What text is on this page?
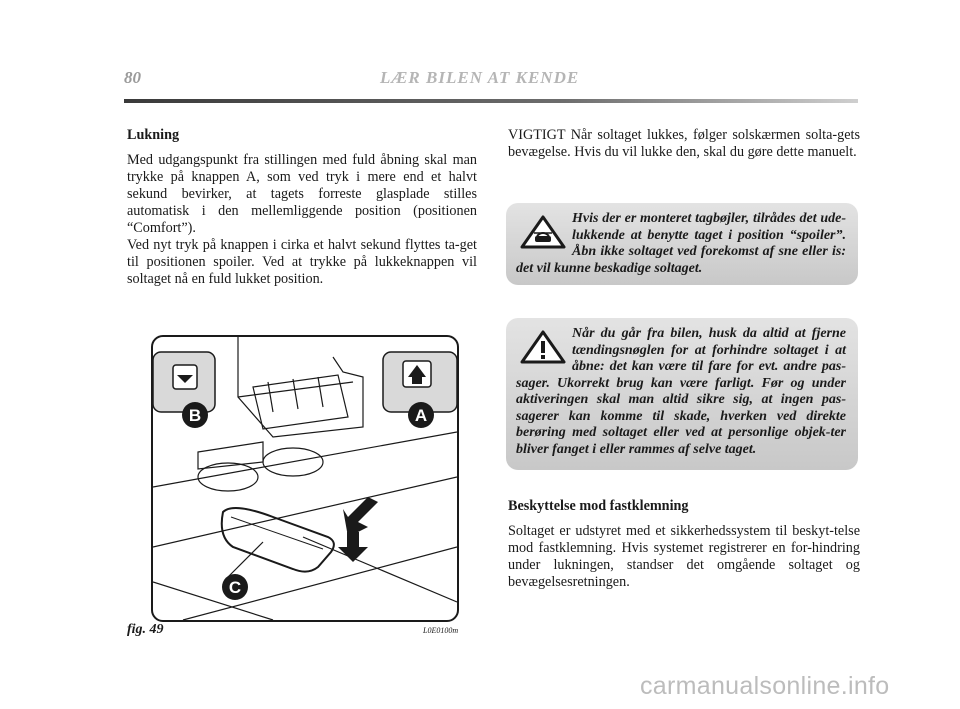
80	LÆR BILEN AT KENDE

Lukning

Med udgangspunkt fra stillingen med fuld åbning skal man trykke på knappen A, som ved tryk i mere end et halvt sekund bevirker, at tagets forreste glasplade stilles automatisk i den mellemliggende position (positionen “Comfort”).

Ved nyt tryk på knappen i cirka et halvt sekund flyttes ta-get til positionen spoiler. Ved at trykke på lukkeknappen vil soltaget nå en fuld lukket position.

VIGTIGT Når soltaget lukkes, følger solskærmen solta-gets bevægelse. Hvis du vil lukke den, skal du gøre dette manuelt.

Hvis der er monteret tagbøjler, tilrådes det ude-lukkende at benytte taget i position “spoiler”. Åbn ikke soltaget ved forekomst af sne eller is: det vil kunne beskadige soltaget.
Når du går fra bilen, husk da altid at fjerne tændingsnøglen for at forhindre soltaget i at åbne: det kan være til fare for evt. andre pas-sager. Ukorrekt brug kan være farligt. Før og under aktiveringen skal man altid sikre sig, at ingen pas-sagerer kan komme til skade, hverken ved direkte berøring med soltaget eller ved at personlige objek-ter bliver fanget i eller rammes af selve taget.

Beskyttelse mod fastklemning

Soltaget er udstyret med et sikkerhedssystem til beskyt-telse mod fastklemning. Hvis systemet registrerer en for-hindring under lukningen, standser det omgående soltaget og bevægelsesretningen.

B	A
C
fig. 49	L0E0100m
carmanualsonline.info
